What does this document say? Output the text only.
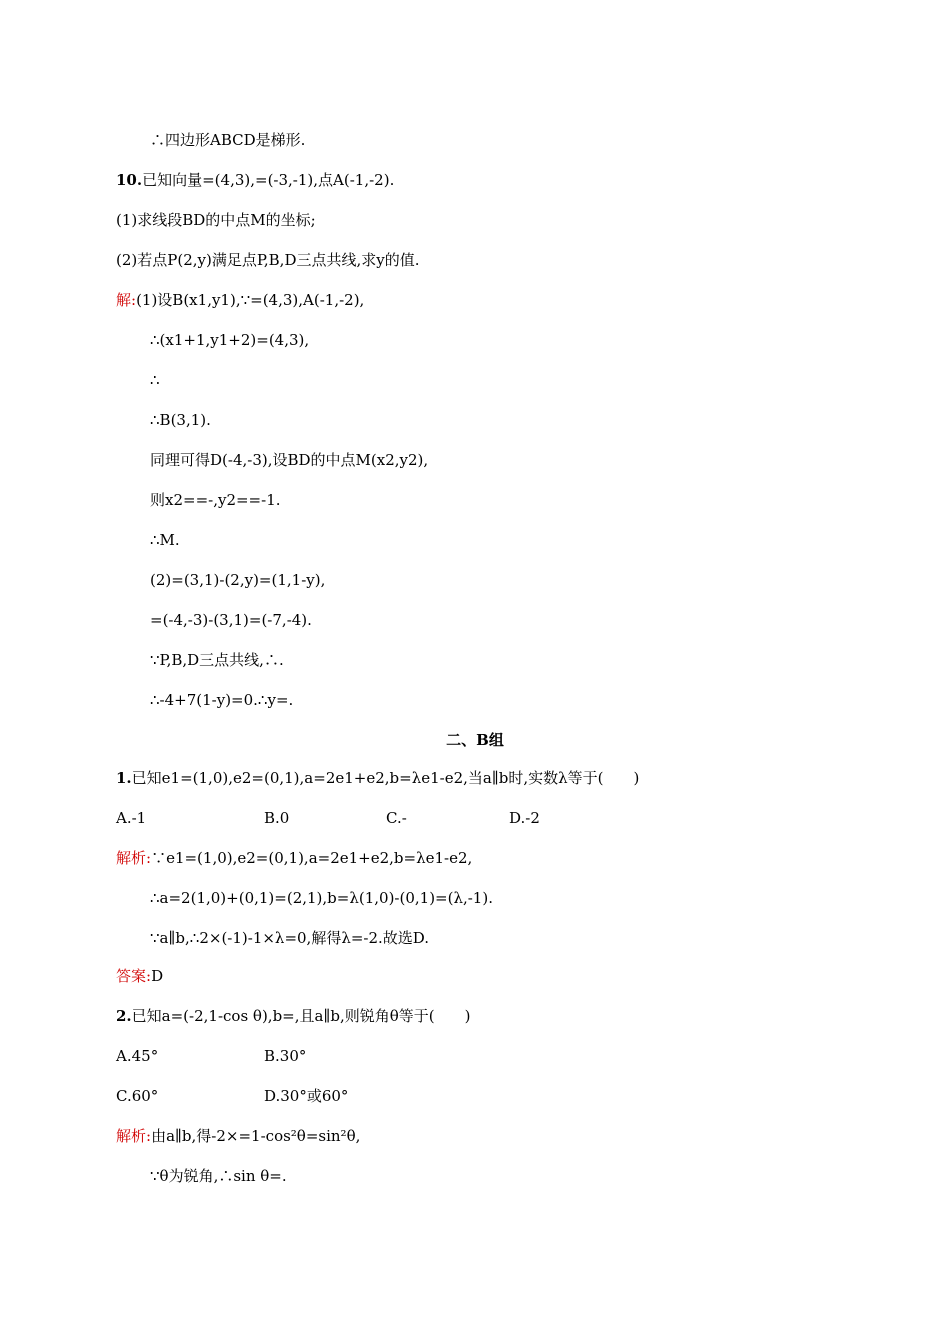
∴四边形ABCD是梯形.
10.已知向量=(4,3),=(-3,-1),点A(-1,-2).
(1)求线段BD的中点M的坐标;
(2)若点P(2,y)满足点P,B,D三点共线,求y的值.
解:(1)设B(x1,y1),∵=(4,3),A(-1,-2),
∴(x1+1,y1+2)=(4,3),
∴
∴B(3,1).
同理可得D(-4,-3),设BD的中点M(x2,y2),
则x2==-,y2==-1.
∴M.
(2)=(3,1)-(2,y)=(1,1-y),
=(-4,-3)-(3,1)=(-7,-4).
∵P,B,D三点共线,∴.
∴-4+7(1-y)=0.∴y=.
二、B组
1.已知e1=(1,0),e2=(0,1),a=2e1+e2,b=λe1-e2,当a∥b时,实数λ等于(　　)
A.-1	B.0	C.-	D.-2
解析:∵e1=(1,0),e2=(0,1),a=2e1+e2,b=λe1-e2,
∴a=2(1,0)+(0,1)=(2,1),b=λ(1,0)-(0,1)=(λ,-1).
∵a∥b,∴2×(-1)-1×λ=0,解得λ=-2.故选D.
答案:D
2.已知a=(-2,1-cos θ),b=,且a∥b,则锐角θ等于(　　)
A.45°	B.30°
C.60°	D.30°或60°
解析:由a∥b,得-2×=1-cos²θ=sin²θ,
∵θ为锐角,∴sin θ=.
